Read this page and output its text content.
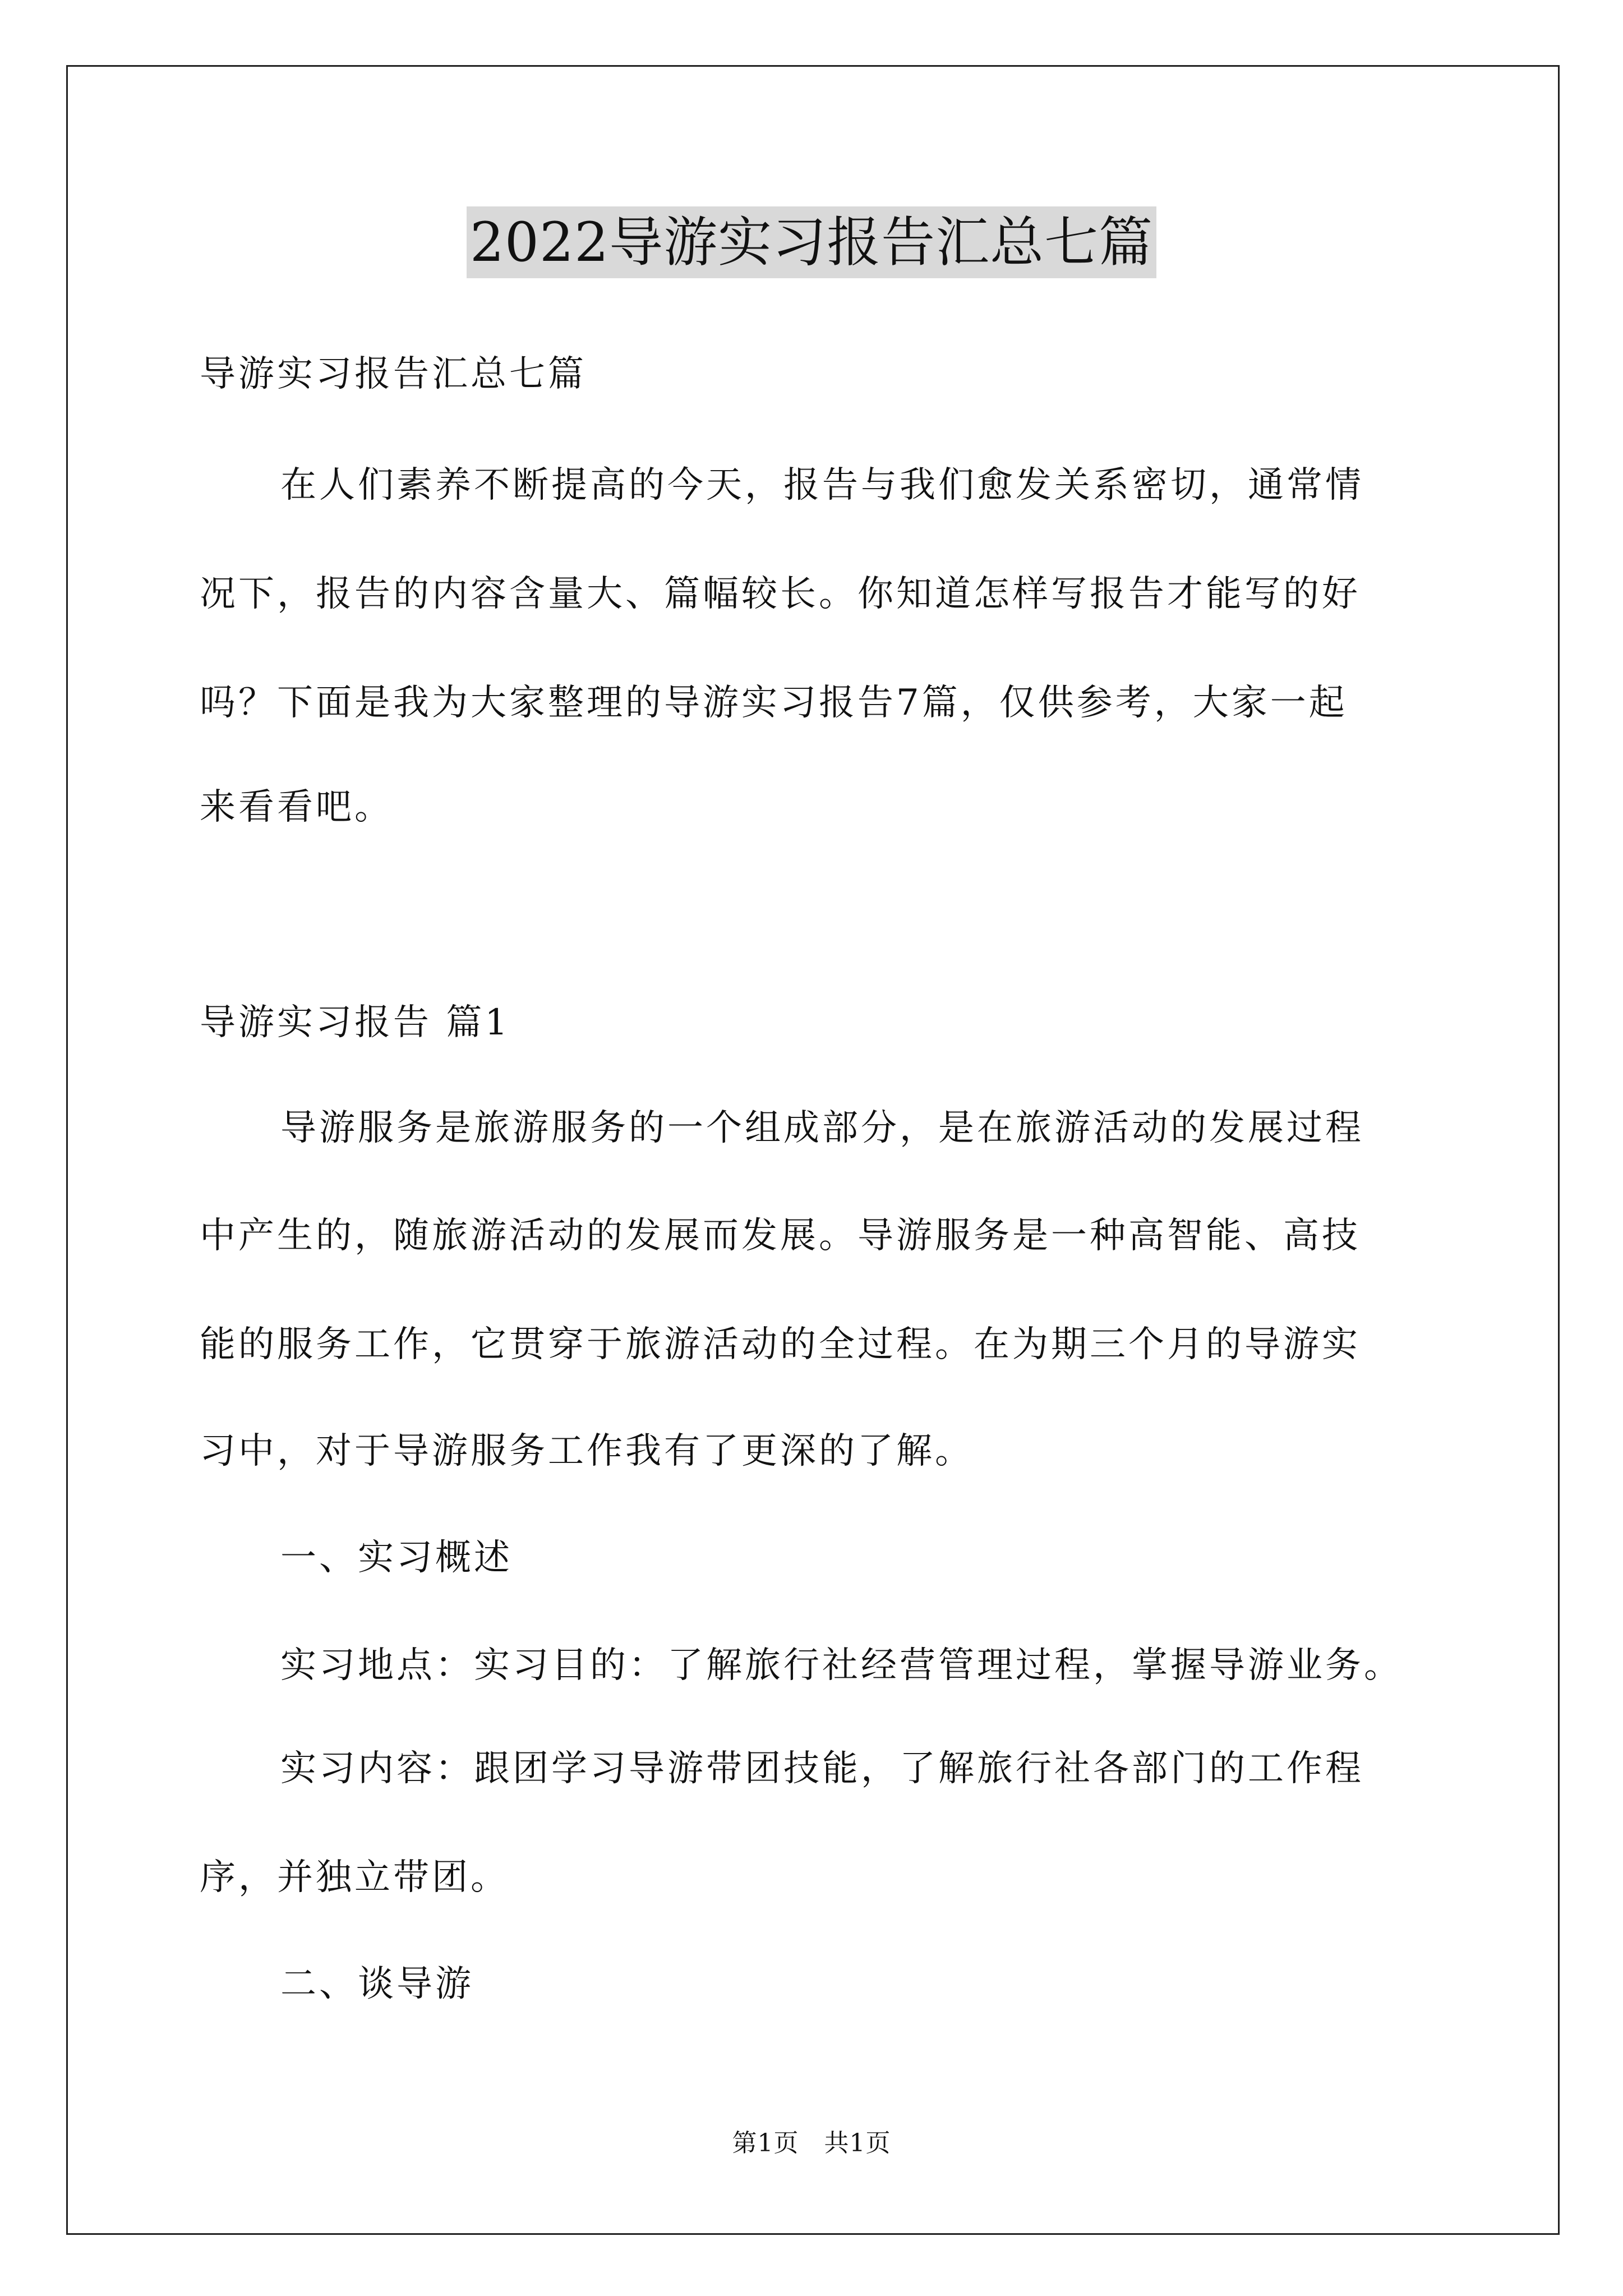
2022导游实习报告汇总七篇
导游实习报告汇总七篇
在人们素养不断提高的今天，报告与我们愈发关系密切，通常情
况下，报告的内容含量大、篇幅较长。你知道怎样写报告才能写的好
吗？下面是我为大家整理的导游实习报告7篇，仅供参考，大家一起
来看看吧。
导游实习报告 篇1
导游服务是旅游服务的一个组成部分，是在旅游活动的发展过程
中产生的，随旅游活动的发展而发展。导游服务是一种高智能、高技
能的服务工作，它贯穿于旅游活动的全过程。在为期三个月的导游实
习中，对于导游服务工作我有了更深的了解。
一、实习概述
实习地点：实习目的：了解旅行社经营管理过程，掌握导游业务。
实习内容：跟团学习导游带团技能，了解旅行社各部门的工作程
序，并独立带团。
二、谈导游
第1页　共1页
